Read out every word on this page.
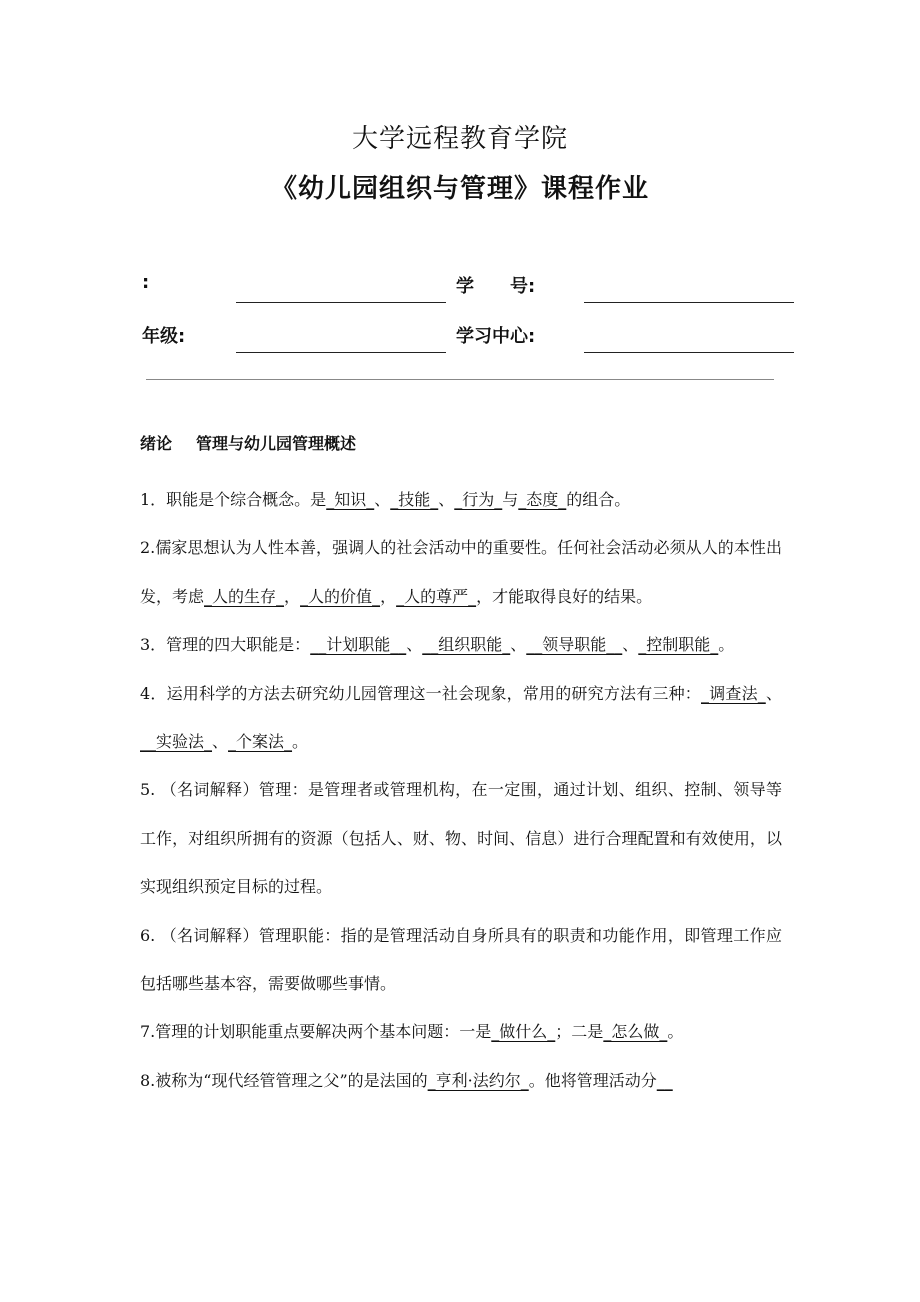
大学远程教育学院
《幼儿园组织与管理》课程作业
:	学　　号:
年级:	学习中心:
绪论 管理与幼儿园管理概述

1．职能是个综合概念。是_知识_、_技能_、_行为_与_态度_的组合。

2.儒家思想认为人性本善，强调人的社会活动中的重要性。任何社会活动必须从人的本性出发，考虑_人的生存_，_人的价值_，_人的尊严_，才能取得良好的结果。

3．管理的四大职能是：__计划职能__、__组织职能_、__领导职能__、_控制职能_。

4．运用科学的方法去研究幼儿园管理这一社会现象，常用的研究方法有三种：_调查法_、__实验法_、_个案法_。

5. （名词解释）管理：是管理者或管理机构，在一定围，通过计划、组织、控制、领导等工作，对组织所拥有的资源（包括人、财、物、时间、信息）进行合理配置和有效使用，以实现组织预定目标的过程。

6. （名词解释）管理职能：指的是管理活动自身所具有的职责和功能作用，即管理工作应包括哪些基本容，需要做哪些事情。

7.管理的计划职能重点要解决两个基本问题：一是_做什么_；二是_怎么做_。

8.被称为“现代经管管理之父”的是法国的_亨利·法约尔_。他将管理活动分__
